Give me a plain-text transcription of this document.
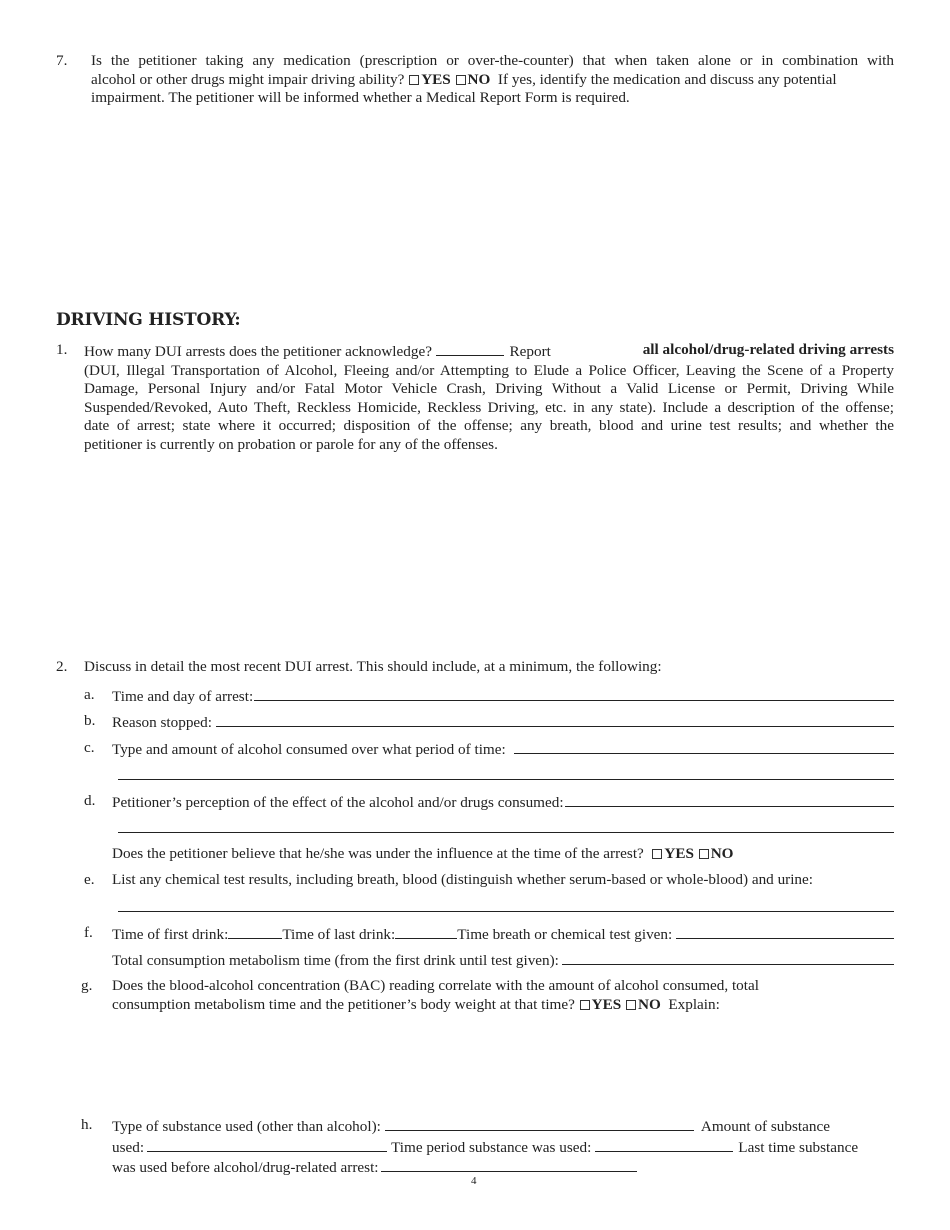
7. Is the petitioner taking any medication (prescription or over-the-counter) that when taken alone or in combination with
alcohol or other drugs might impair driving ability? YES NO If yes, identify the medication and discuss any potential
impairment. The petitioner will be informed whether a Medical Report Form is required.
DRIVING HISTORY:
1. How many DUI arrests does the petitioner acknowledge?	Report	all alcohol/drug-related driving arrests
(DUI, Illegal Transportation of Alcohol, Fleeing and/or Attempting to Elude a Police Officer, Leaving the Scene of a Property
Damage, Personal Injury and/or Fatal Motor Vehicle Crash, Driving Without a Valid License or Permit, Driving While
Suspended/Revoked, Auto Theft, Reckless Homicide, Reckless Driving, etc. in any state). Include a description of the offense;
date of arrest; state where it occurred; disposition of the offense; any breath, blood and urine test results; and whether the
petitioner is currently on probation or parole for any of the offenses.
2. Discuss in detail the most recent DUI arrest. This should include, at a minimum, the following:
a. Time and day of arrest:
b. Reason stopped:
c. Type and amount of alcohol consumed over what period of time:
d. Petitioner’s perception of the effect of the alcohol and/or drugs consumed:
Does the petitioner believe that he/she was under the influence at the time of the arrest? YES NO
e. List any chemical test results, including breath, blood (distinguish whether serum-based or whole-blood) and urine:
f. Time of first drink:	Time of last drink:	Time breath or chemical test given:
Total consumption metabolism time (from the first drink until test given):
g. Does the blood-alcohol concentration (BAC) reading correlate with the amount of alcohol consumed, total
consumption metabolism time and the petitioner’s body weight at that time? YES NO Explain:
h. Type of substance used (other than alcohol):	Amount of substance
used:	Time period substance was used:	Last time substance
was used before alcohol/drug-related arrest:
4
